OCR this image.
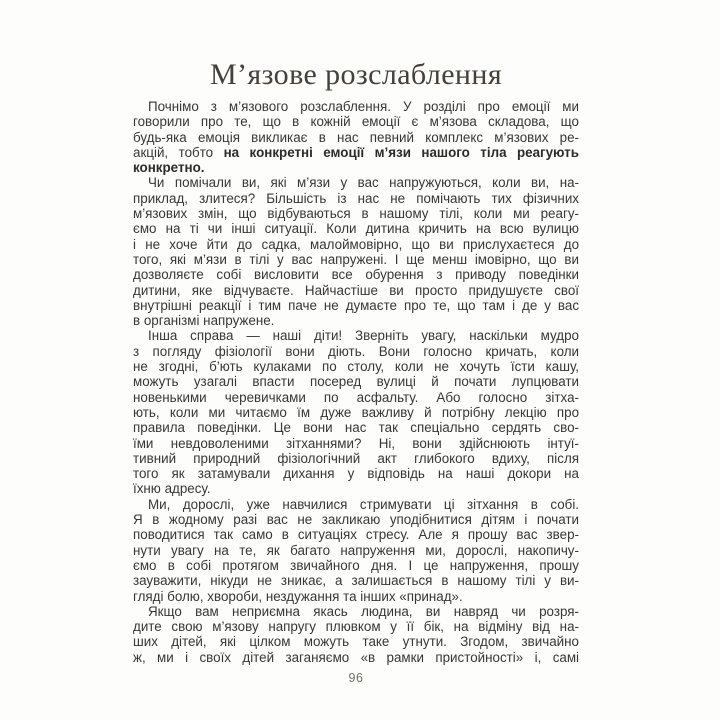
М’язове розслаблення
Почнімо з м’язового розслаблення. У розділі про емоції ми
говорили про те, що в кожній емоції є м’язова складова, що
будь-яка емоція викликає в нас певний комплекс м’язових ре-
акцій, тобто на конкретні емоції м’язи нашого тіла реагують
конкретно.
Чи помічали ви, які м’язи у вас напружуються, коли ви, на-
приклад, злитеся? Більшість із нас не помічають тих фізичних
м’язових змін, що відбуваються в нашому тілі, коли ми реагу-
ємо на ті чи інші ситуації. Коли дитина кричить на всю вулицю
і не хоче йти до садка, малоймовірно, що ви прислухаєтеся до
того, які м’язи в тілі у вас напружені. І ще менш імовірно, що ви
дозволяєте собі висловити все обурення з приводу поведінки
дитини, яке відчуваєте. Найчастіше ви просто придушуєте свої
внутрішні реакції і тим паче не думаєте про те, що там і де у вас
в організмі напружене.
Інша справа — наші діти! Зверніть увагу, наскільки мудро
з погляду фізіології вони діють. Вони голосно кричать, коли
не згодні, б’ють кулаками по столу, коли не хочуть їсти кашу,
можуть узагалі впасти посеред вулиці й почати лупцювати
новенькими черевичками по асфальту. Або голосно зітха-
ють, коли ми читаємо їм дуже важливу й потрібну лекцію про
правила поведінки. Це вони нас так спеціально сердять сво-
їми невдоволеними зітханнями? Ні, вони здійснюють інтуї-
тивний природний фізіологічний акт глибокого вдиху, після
того як затамували дихання у відповідь на наші докори на
їхню адресу.
Ми, дорослі, уже навчилися стримувати ці зітхання в собі.
Я в жодному разі вас не закликаю уподібнитися дітям і почати
поводитися так само в ситуаціях стресу. Але я прошу вас звер-
нути увагу на те, як багато напруження ми, дорослі, накопичу-
ємо в собі протягом звичайного дня. І це напруження, прошу
зауважити, нікуди не зникає, а залишається в нашому тілі у ви-
гляді болю, хвороби, нездужання та інших «принад».
Якщо вам неприємна якась людина, ви навряд чи розря-
дите свою м’язову напругу плювком у її бік, на відміну від на-
ших дітей, які цілком можуть таке утнути. Згодом, звичайно
ж, ми і своїх дітей заганяємо «в рамки пристойності» і, самі
96
